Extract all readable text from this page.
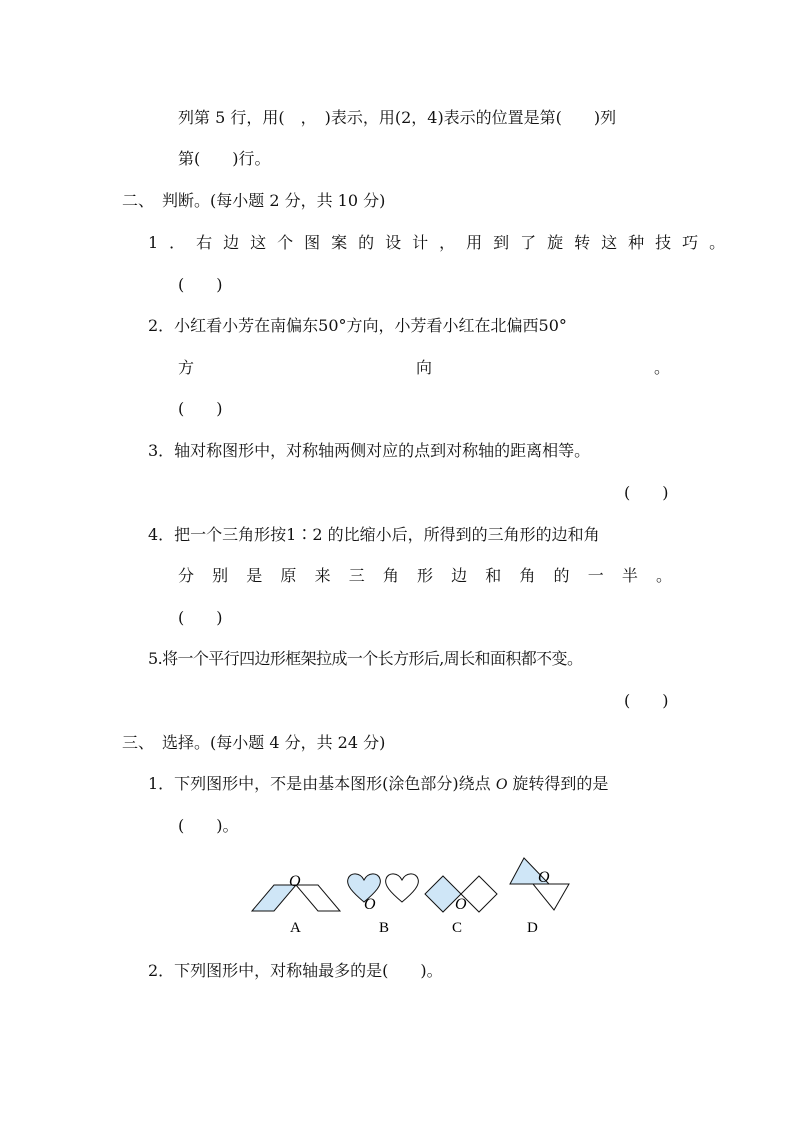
列第 5 行，用(　，　)表示，用(2，4)表示的位置是第(　　)列
第(　　)行。
二、　判断。(每小题 2 分，共 10 分)
1．右边这个图案的设计，用到了旋转这种技巧。
(　　)
2．小红看小芳在南偏东50°方向，小芳看小红在北偏西50°
方	向	。
(　　)
3．轴对称图形中，对称轴两侧对应的点到对称轴的距离相等。
(　　)
4．把一个三角形按1∶2 的比缩小后，所得到的三角形的边和角
分 别 是 原 来 三 角 形 边 和 角 的 一 半 。
(　　)
5.将一个平行四边形框架拉成一个长方形后,周长和面积都不变。
(　　)
三、　选择。(每小题 4 分，共 24 分)
1．下列图形中，不是由基本图形(涂色部分)绕点 O 旋转得到的是
(　　)。
O
A
O
B
O
C
O
D
2．下列图形中，对称轴最多的是(　　)。
